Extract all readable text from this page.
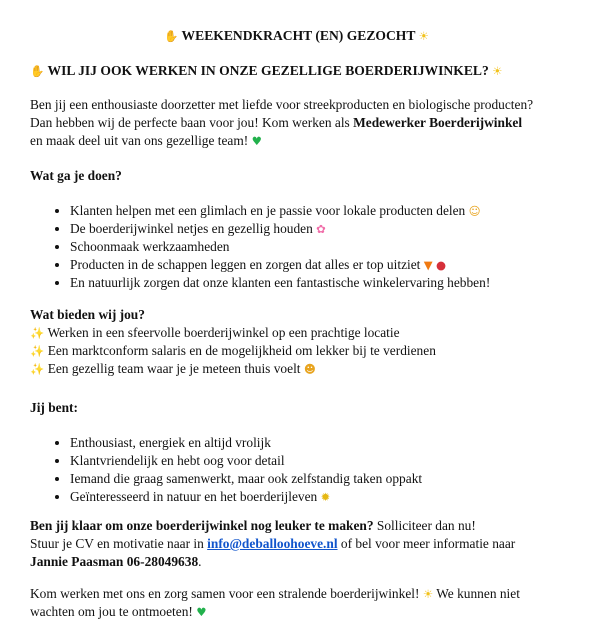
✋ WEEKENDKRACHT (EN) GEZOCHT ☀

✋ WIL JIJ OOK WERKEN IN ONZE GEZELLIGE BOERDERIJWINKEL? ☀

Ben jij een enthousiaste doorzetter met liefde voor streekproducten en biologische producten?
Dan hebben wij de perfecte baan voor jou! Kom werken als Medewerker Boerderijwinkel
en maak deel uit van ons gezellige team! ♥

Wat ga je doen?

• Klanten helpen met een glimlach en je passie voor lokale producten delen ☺
• De boerderijwinkel netjes en gezellig houden ✿
• Schoonmaak werkzaamheden
• Producten in de schappen leggen en zorgen dat alles er top uitziet ▼ ●
• En natuurlijk zorgen dat onze klanten een fantastische winkelervaring hebben!

Wat bieden wij jou?

✨ Werken in een sfeervolle boerderijwinkel op een prachtige locatie

✨ Een marktconform salaris en de mogelijkheid om lekker bij te verdienen

✨ Een gezellig team waar je je meteen thuis voelt ☻

Jij bent:

• Enthousiast, energiek en altijd vrolijk
• Klantvriendelijk en hebt oog voor detail
• Iemand die graag samenwerkt, maar ook zelfstandig taken oppakt
• Geïnteresseerd in natuur en het boerderijleven ✹
Ben jij klaar om onze boerderijwinkel nog leuker te maken? Solliciteer dan nu!
Stuur je CV en motivatie naar in info@deballoohoeve.nl of bel voor meer informatie naar
Jannie Paasman 06-28049638.
Kom werken met ons en zorg samen voor een stralende boerderijwinkel! ☀ We kunnen niet
wachten om jou te ontmoeten! ♥
